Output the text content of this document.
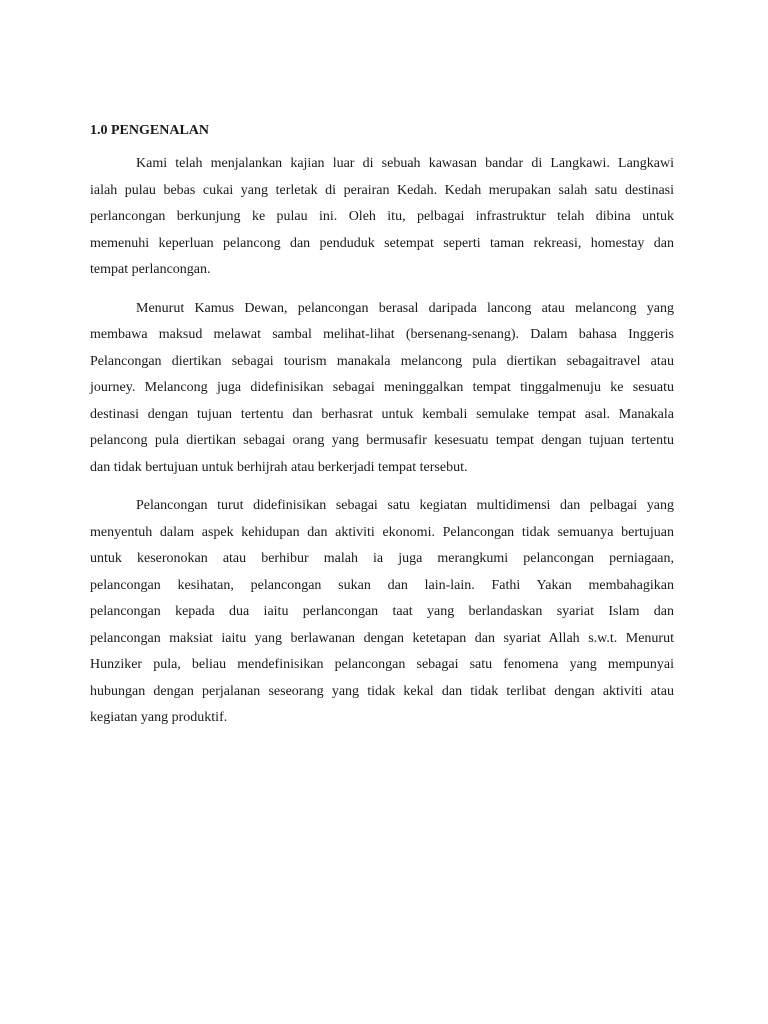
1.0 PENGENALAN
Kami telah menjalankan kajian luar di sebuah kawasan bandar di Langkawi. Langkawi
ialah pulau bebas cukai yang terletak di perairan Kedah. Kedah merupakan salah satu destinasi
perlancongan berkunjung ke pulau ini. Oleh itu, pelbagai infrastruktur telah dibina untuk
memenuhi keperluan pelancong dan penduduk setempat seperti taman rekreasi, homestay dan
tempat perlancongan.
Menurut Kamus Dewan, pelancongan berasal daripada lancong atau melancong yang
membawa maksud melawat sambal melihat-lihat (bersenang-senang). Dalam bahasa Inggeris
Pelancongan diertikan sebagai tourism manakala melancong pula diertikan sebagaitravel atau
journey. Melancong juga didefinisikan sebagai meninggalkan tempat tinggalmenuju ke sesuatu
destinasi dengan tujuan tertentu dan berhasrat untuk kembali semulake tempat asal. Manakala
pelancong pula diertikan sebagai orang yang bermusafir kesesuatu tempat dengan tujuan tertentu
dan tidak bertujuan untuk berhijrah atau berkerjadi tempat tersebut.
Pelancongan turut didefinisikan sebagai satu kegiatan multidimensi dan pelbagai yang
menyentuh dalam aspek kehidupan dan aktiviti ekonomi. Pelancongan tidak semuanya bertujuan
untuk keseronokan atau berhibur malah ia juga merangkumi pelancongan perniagaan,
pelancongan kesihatan, pelancongan sukan dan lain-lain. Fathi Yakan membahagikan
pelancongan kepada dua iaitu perlancongan taat yang berlandaskan syariat Islam dan
pelancongan maksiat iaitu yang berlawanan dengan ketetapan dan syariat Allah s.w.t. Menurut
Hunziker pula, beliau mendefinisikan pelancongan sebagai satu fenomena yang mempunyai
hubungan dengan perjalanan seseorang yang tidak kekal dan tidak terlibat dengan aktiviti atau
kegiatan yang produktif.
